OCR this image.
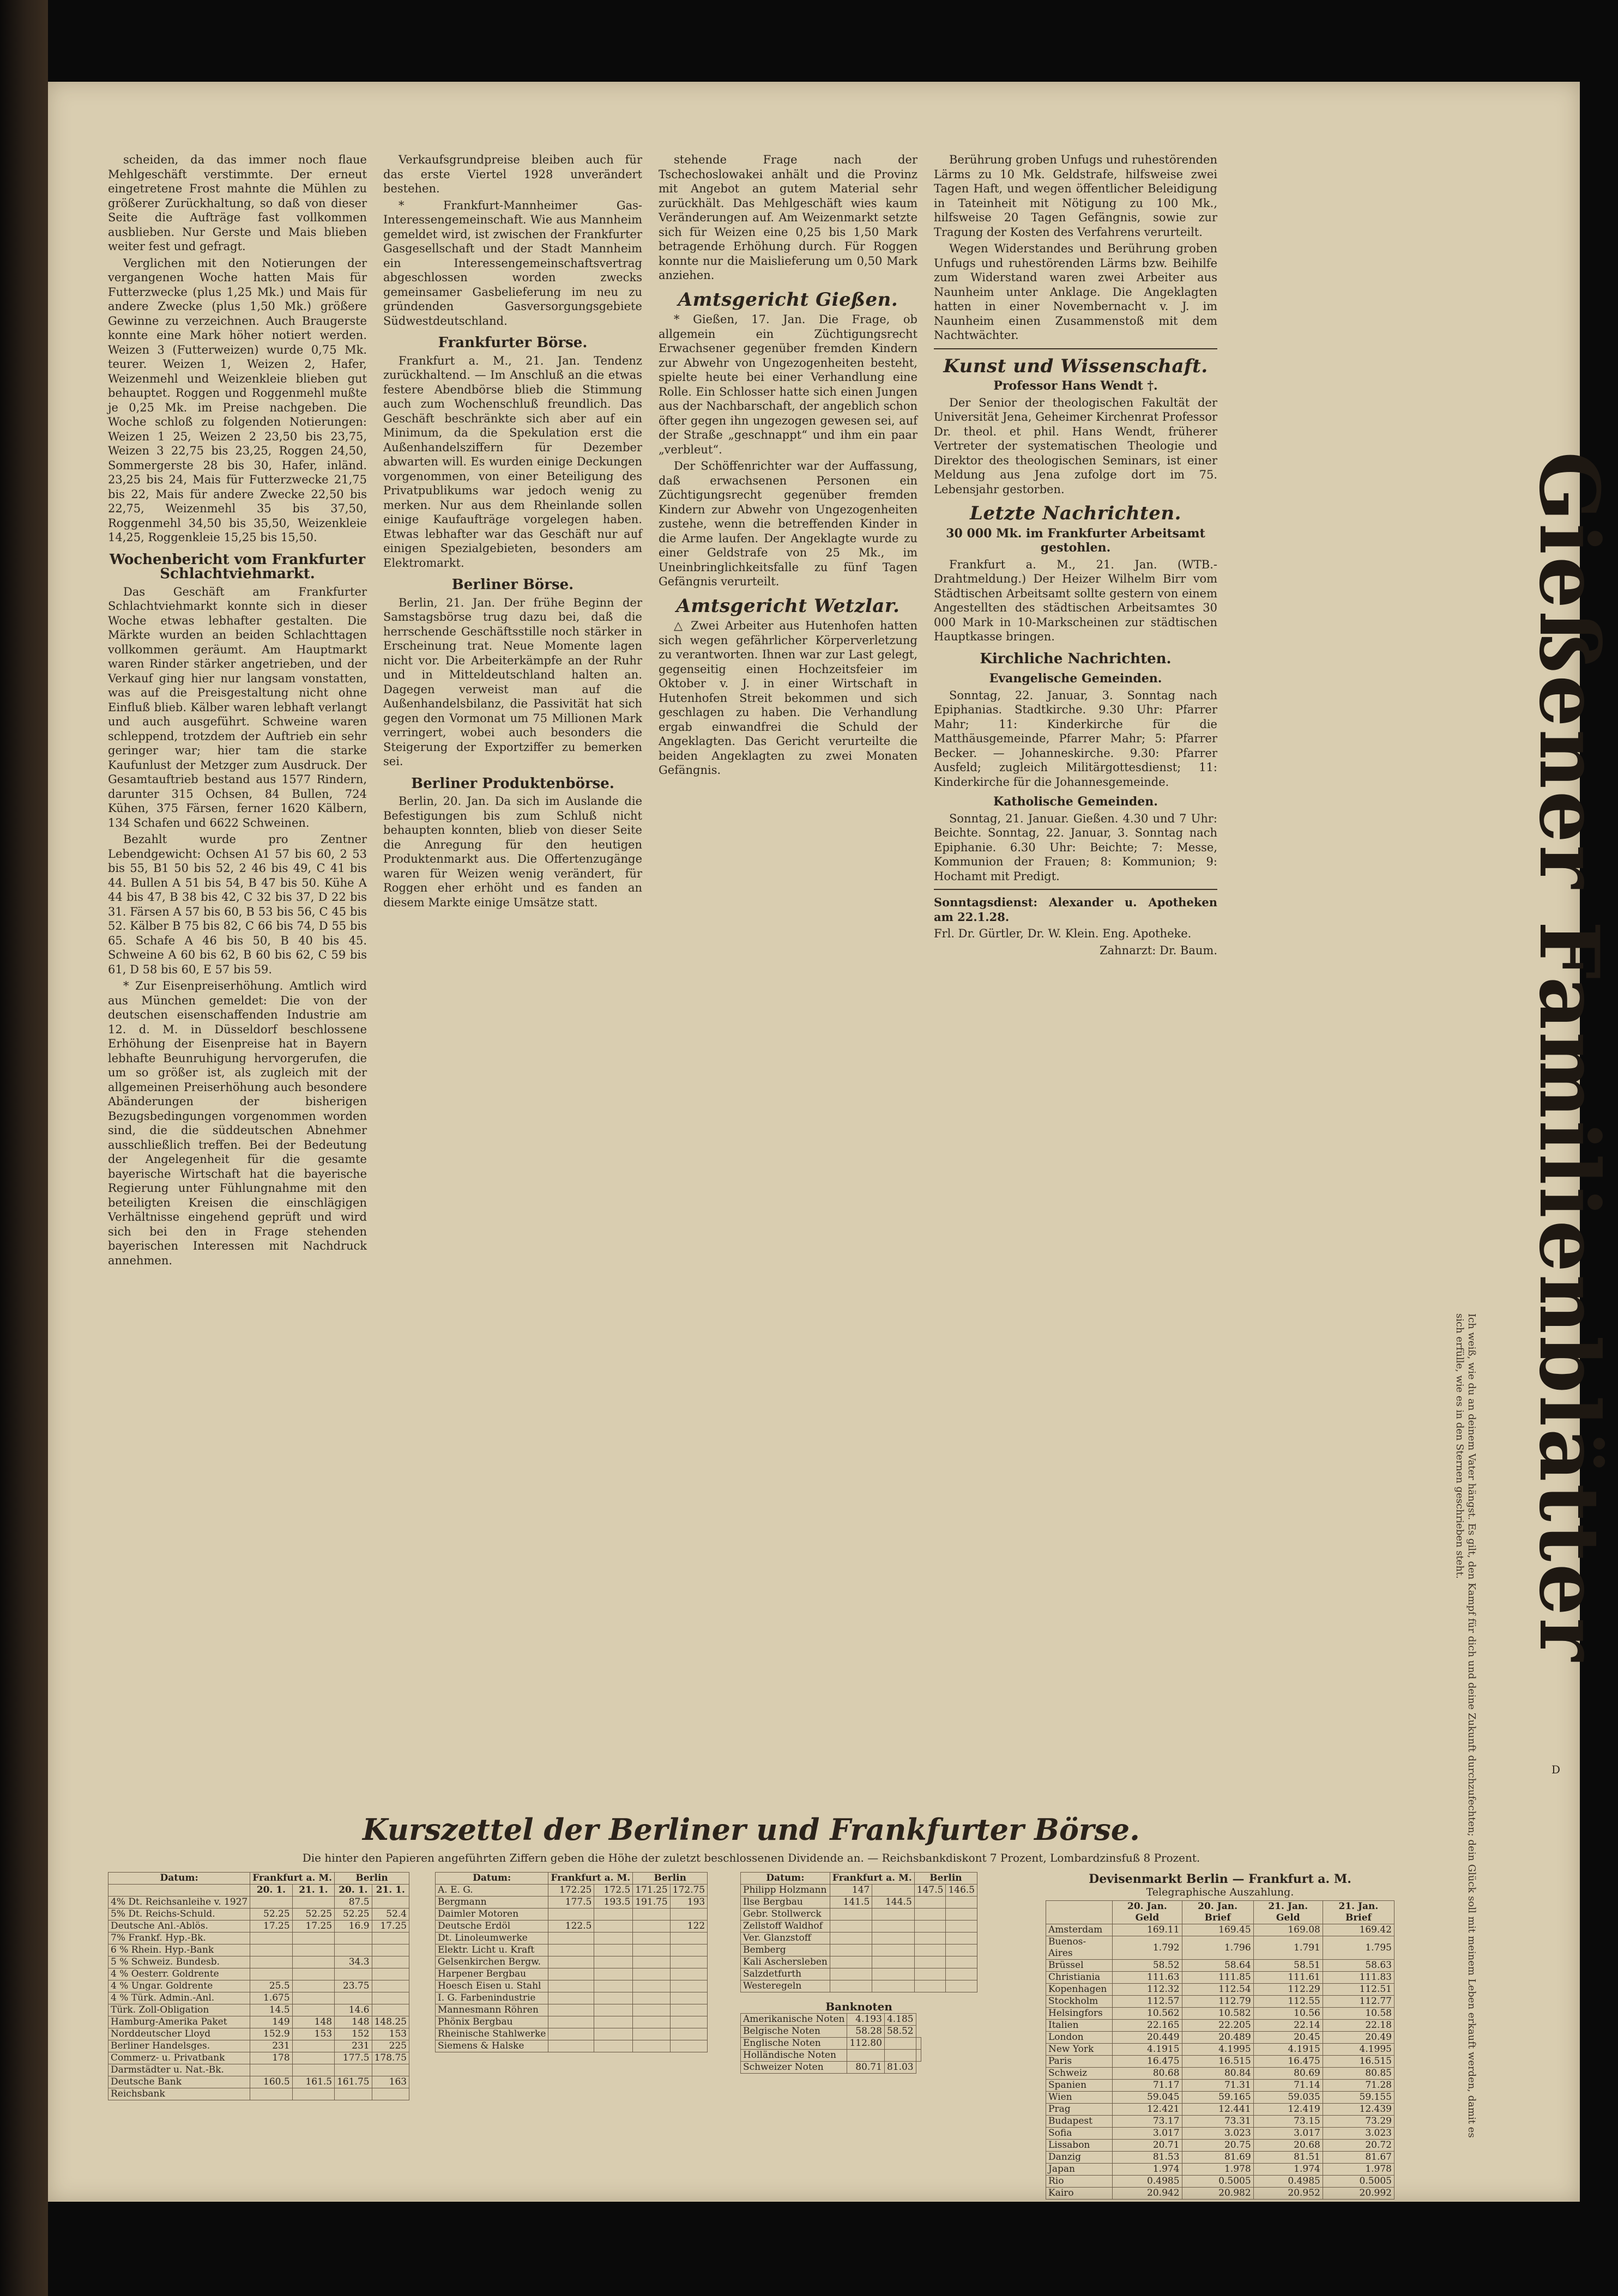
scheiden, da das immer noch flaue Mehlgeschäft verstimmte. Der erneut eingetretene Frost mahnte die Mühlen zu größerer Zurückhaltung, so daß von dieser Seite die Aufträge fast vollkommen ausblieben. Nur Gerste und Mais blieben weiter fest und gefragt.

Verglichen mit den Notierungen der vergangenen Woche hatten Mais für Futterzwecke (plus 1,25 Mk.) und Mais für andere Zwecke (plus 1,50 Mk.) größere Gewinne zu verzeichnen. Auch Braugerste konnte eine Mark höher notiert werden. Weizen 3 (Futterweizen) wurde 0,75 Mk. teurer. Weizen 1, Weizen 2, Hafer, Weizenmehl und Weizenkleie blieben gut behauptet. Roggen und Roggenmehl mußte je 0,25 Mk. im Preise nachgeben. Die Woche schloß zu folgenden Notierungen: Weizen 1 25, Weizen 2 23,50 bis 23,75, Weizen 3 22,75 bis 23,25, Roggen 24,50, Sommergerste 28 bis 30, Hafer, inländ. 23,25 bis 24, Mais für Futterzwecke 21,75 bis 22, Mais für andere Zwecke 22,50 bis 22,75, Weizenmehl 35 bis 37,50, Roggenmehl 34,50 bis 35,50, Weizenkleie 14,25, Roggenkleie 15,25 bis 15,50.

Wochenbericht vom Frankfurter Schlachtviehmarkt.

Das Geschäft am Frankfurter Schlachtviehmarkt konnte sich in dieser Woche etwas lebhafter gestalten. Die Märkte wurden an beiden Schlachttagen vollkommen geräumt. Am Hauptmarkt waren Rinder stärker angetrieben, und der Verkauf ging hier nur langsam vonstatten, was auf die Preisgestaltung nicht ohne Einfluß blieb. Kälber waren lebhaft verlangt und auch ausgeführt. Schweine waren schleppend, trotzdem der Auftrieb ein sehr geringer war; hier tam die starke Kaufunlust der Metzger zum Ausdruck. Der Gesamtauftrieb bestand aus 1577 Rindern, darunter 315 Ochsen, 84 Bullen, 724 Kühen, 375 Färsen, ferner 1620 Kälbern, 134 Schafen und 6622 Schweinen.

Bezahlt wurde pro Zentner Lebendgewicht: Ochsen A1 57 bis 60, 2 53 bis 55, B1 50 bis 52, 2 46 bis 49, C 41 bis 44. Bullen A 51 bis 54, B 47 bis 50. Kühe A 44 bis 47, B 38 bis 42, C 32 bis 37, D 22 bis 31. Färsen A 57 bis 60, B 53 bis 56, C 45 bis 52. Kälber B 75 bis 82, C 66 bis 74, D 55 bis 65. Schafe A 46 bis 50, B 40 bis 45. Schweine A 60 bis 62, B 60 bis 62, C 59 bis 61, D 58 bis 60, E 57 bis 59.

* Zur Eisenpreiserhöhung. Amtlich wird aus München gemeldet: Die von der deutschen eisenschaffenden Industrie am 12. d. M. in Düsseldorf beschlossene Erhöhung der Eisenpreise hat in Bayern lebhafte Beunruhigung hervorgerufen, die um so größer ist, als zugleich mit der allgemeinen Preiserhöhung auch besondere Abänderungen der bisherigen Bezugsbedingungen vorgenommen worden sind, die die süddeutschen Abnehmer ausschließlich treffen. Bei der Bedeutung der Angelegenheit für die gesamte bayerische Wirtschaft hat die bayerische Regierung unter Fühlungnahme mit den beteiligten Kreisen die einschlägigen Verhältnisse eingehend geprüft und wird sich bei den in Frage stehenden bayerischen Interessen mit Nachdruck annehmen.

Verkaufsgrundpreise bleiben auch für das erste Viertel 1928 unverändert bestehen.

* Frankfurt-Mannheimer Gas-Interessengemeinschaft. Wie aus Mannheim gemeldet wird, ist zwischen der Frankfurter Gasgesellschaft und der Stadt Mannheim ein Interessengemeinschaftsvertrag abgeschlossen worden zwecks gemeinsamer Gasbelieferung im neu zu gründenden Gasversorgungsgebiete Südwestdeutschland.

Frankfurter Börse.

Frankfurt a. M., 21. Jan. Tendenz zurückhaltend. — Im Anschluß an die etwas festere Abendbörse blieb die Stimmung auch zum Wochenschluß freundlich. Das Geschäft beschränkte sich aber auf ein Minimum, da die Spekulation erst die Außenhandelsziffern für Dezember abwarten will. Es wurden einige Deckungen vorgenommen, von einer Beteiligung des Privatpublikums war jedoch wenig zu merken. Nur aus dem Rheinlande sollen einige Kaufaufträge vorgelegen haben. Etwas lebhafter war das Geschäft nur auf einigen Spezialgebieten, besonders am Elektromarkt.

Berliner Börse.

Berlin, 21. Jan. Der frühe Beginn der Samstagsbörse trug dazu bei, daß die herrschende Geschäftsstille noch stärker in Erscheinung trat. Neue Momente lagen nicht vor. Die Arbeiterkämpfe an der Ruhr und in Mitteldeutschland halten an. Dagegen verweist man auf die Außenhandelsbilanz, die Passivität hat sich gegen den Vormonat um 75 Millionen Mark verringert, wobei auch besonders die Steigerung der Exportziffer zu bemerken sei.

Berliner Produktenbörse.

Berlin, 20. Jan. Da sich im Auslande die Befestigungen bis zum Schluß nicht behaupten konnten, blieb von dieser Seite die Anregung für den heutigen Produktenmarkt aus. Die Offertenzugänge waren für Weizen wenig verändert, für Roggen eher erhöht und es fanden an diesem Markte einige Umsätze statt.

stehende Frage nach der Tschechoslowakei anhält und die Provinz mit Angebot an gutem Material sehr zurückhält. Das Mehlgeschäft wies kaum Veränderungen auf. Am Weizenmarkt setzte sich für Weizen eine 0,25 bis 1,50 Mark betragende Erhöhung durch. Für Roggen konnte nur die Maislieferung um 0,50 Mark anziehen.

Amtsgericht Gießen.

* Gießen, 17. Jan. Die Frage, ob allgemein ein Züchtigungsrecht Erwachsener gegenüber fremden Kindern zur Abwehr von Ungezogenheiten besteht, spielte heute bei einer Verhandlung eine Rolle. Ein Schlosser hatte sich einen Jungen aus der Nachbarschaft, der angeblich schon öfter gegen ihn ungezogen gewesen sei, auf der Straße „geschnappt“ und ihm ein paar „verbleut“.

Der Schöffenrichter war der Auffassung, daß erwachsenen Personen ein Züchtigungsrecht gegenüber fremden Kindern zur Abwehr von Ungezogenheiten zustehe, wenn die betreffenden Kinder in die Arme laufen. Der Angeklagte wurde zu einer Geldstrafe von 25 Mk., im Uneinbringlichkeitsfalle zu fünf Tagen Gefängnis verurteilt.

Amtsgericht Wetzlar.

△ Zwei Arbeiter aus Hutenhofen hatten sich wegen gefährlicher Körperverletzung zu verantworten. Ihnen war zur Last gelegt, gegenseitig einen Hochzeitsfeier im Oktober v. J. in einer Wirtschaft in Hutenhofen Streit bekommen und sich geschlagen zu haben. Die Verhandlung ergab einwandfrei die Schuld der Angeklagten. Das Gericht verurteilte die beiden Angeklagten zu zwei Monaten Gefängnis.

Berührung groben Unfugs und ruhestörenden Lärms zu 10 Mk. Geldstrafe, hilfsweise zwei Tagen Haft, und wegen öffentlicher Beleidigung in Tateinheit mit Nötigung zu 100 Mk., hilfsweise 20 Tagen Gefängnis, sowie zur Tragung der Kosten des Verfahrens verurteilt.

Wegen Widerstandes und Berührung groben Unfugs und ruhestörenden Lärms bzw. Beihilfe zum Widerstand waren zwei Arbeiter aus Naunheim unter Anklage. Die Angeklagten hatten in einer Novembernacht v. J. im Naunheim einen Zusammenstoß mit dem Nachtwächter.

Kunst und Wissenschaft.
Professor Hans Wendt †.

Der Senior der theologischen Fakultät der Universität Jena, Geheimer Kirchenrat Professor Dr. theol. et phil. Hans Wendt, früherer Vertreter der systematischen Theologie und Direktor des theologischen Seminars, ist einer Meldung aus Jena zufolge dort im 75. Lebensjahr gestorben.

Letzte Nachrichten.
30 000 Mk. im Frankfurter Arbeitsamt gestohlen.

Frankfurt a. M., 21. Jan. (WTB.-Drahtmeldung.) Der Heizer Wilhelm Birr vom Städtischen Arbeitsamt sollte gestern von einem Angestellten des städtischen Arbeitsamtes 30 000 Mark in 10-Markscheinen zur städtischen Hauptkasse bringen.

Kirchliche Nachrichten.
Evangelische Gemeinden.

Sonntag, 22. Januar, 3. Sonntag nach Epiphanias. Stadtkirche. 9.30 Uhr: Pfarrer Mahr; 11: Kinderkirche für die Matthäusgemeinde, Pfarrer Mahr; 5: Pfarrer Becker. — Johanneskirche. 9.30: Pfarrer Ausfeld; zugleich Militärgottesdienst; 11: Kinderkirche für die Johannesgemeinde.

Katholische Gemeinden.

Sonntag, 21. Januar. Gießen. 4.30 und 7 Uhr: Beichte. Sonntag, 22. Januar, 3. Sonntag nach Epiphanie. 6.30 Uhr: Beichte; 7: Messe, Kommunion der Frauen; 8: Kommunion; 9: Hochamt mit Predigt.

Sonntagsdienst: Alexander u. Apotheken am 22.1.28.

Frl. Dr. Gürtler, Dr. W. Klein. Eng. Apotheke.

Zahnarzt: Dr. Baum.

Ich weiß, wie du an deinem Vater hängst. Es gilt, den Kampf für dich und deine Zukunft durchzufechten; dein Glück soll mit meinem Leben erkauft werden, damit es sich erfülle, wie es in den Sternen geschrieben steht. Gießener Familienblätter
Kurszettel der Berliner und Frankfurter Börse.
Die hinter den Papieren angeführten Ziffern geben die Höhe der zuletzt beschlossenen Dividende an. — Reichsbankdiskont 7 Prozent, Lombardzinsfuß 8 Prozent.
Datum:	Frankfurt a. M.		Berlin	
	20. 1.	21. 1.	20. 1.	21. 1.
4% Dt. Reichsanleihe v. 1927			87.5	
5% Dt. Reichs-Schuld.	52.25	52.25	52.25	52.4
Deutsche Anl.-Ablös.	17.25	17.25	16.9	17.25
7% Frankf. Hyp.-Bk.				
6 % Rhein. Hyp.-Bank				
5 % Schweiz. Bundesb.			34.3	
4 % Oesterr. Goldrente				
4 % Ungar. Goldrente	25.5		23.75	
4 % Türk. Admin.-Anl.	1.675			
Türk. Zoll-Obligation	14.5		14.6	
Hamburg-Amerika Paket	149	148	148	148.25
Norddeutscher Lloyd	152.9	153	152	153
Berliner Handelsges.	231		231	225
Commerz- u. Privatbank	178		177.5	178.75
Darmstädter u. Nat.-Bk.				
Deutsche Bank	160.5	161.5	161.75	163
Reichsbank				
Datum:	Frankfurt a. M.		Berlin	
A. E. G.	172.25	172.5	171.25	172.75
Bergmann	177.5	193.5	191.75	193
Daimler Motoren				
Deutsche Erdöl	122.5			122
Dt. Linoleumwerke				
Elektr. Licht u. Kraft				
Gelsenkirchen Bergw.				
Harpener Bergbau				
Hoesch Eisen u. Stahl				
I. G. Farbenindustrie				
Mannesmann Röhren				
Phönix Bergbau				
Rheinische Stahlwerke				
Siemens & Halske				
Datum:	Frankfurt a. M.		Berlin	
Philipp Holzmann	147		147.5	146.5
Ilse Bergbau	141.5	144.5		
Gebr. Stollwerck				
Zellstoff Waldhof				
Ver. Glanzstoff				
Bemberg				
Kali Aschersleben				
Salzdetfurth				
Westeregeln				
Banknoten
Amerikanische Noten	4.193	4.185	
Belgische Noten	58.28	58.52	
Englische Noten	112.80		
Holländische Noten			
Schweizer Noten	80.71	81.03	
Devisenmarkt Berlin — Frankfurt a. M.
Telegraphische Auszahlung.
	20. Jan. Geld	20. Jan. Brief	21. Jan. Geld	21. Jan. Brief
Amsterdam	169.11	169.45	169.08	169.42
Buenos-Aires	1.792	1.796	1.791	1.795
Brüssel	58.52	58.64	58.51	58.63
Christiania	111.63	111.85	111.61	111.83
Kopenhagen	112.32	112.54	112.29	112.51
Stockholm	112.57	112.79	112.55	112.77
Helsingfors	10.562	10.582	10.56	10.58
Italien	22.165	22.205	22.14	22.18
London	20.449	20.489	20.45	20.49
New York	4.1915	4.1995	4.1915	4.1995
Paris	16.475	16.515	16.475	16.515
Schweiz	80.68	80.84	80.69	80.85
Spanien	71.17	71.31	71.14	71.28
Wien	59.045	59.165	59.035	59.155
Prag	12.421	12.441	12.419	12.439
Budapest	73.17	73.31	73.15	73.29
Sofia	3.017	3.023	3.017	3.023
Lissabon	20.71	20.75	20.68	20.72
Danzig	81.53	81.69	81.51	81.67
Japan	1.974	1.978	1.974	1.978
Rio	0.4985	0.5005	0.4985	0.5005
Kairo	20.942	20.982	20.952	20.992
D
